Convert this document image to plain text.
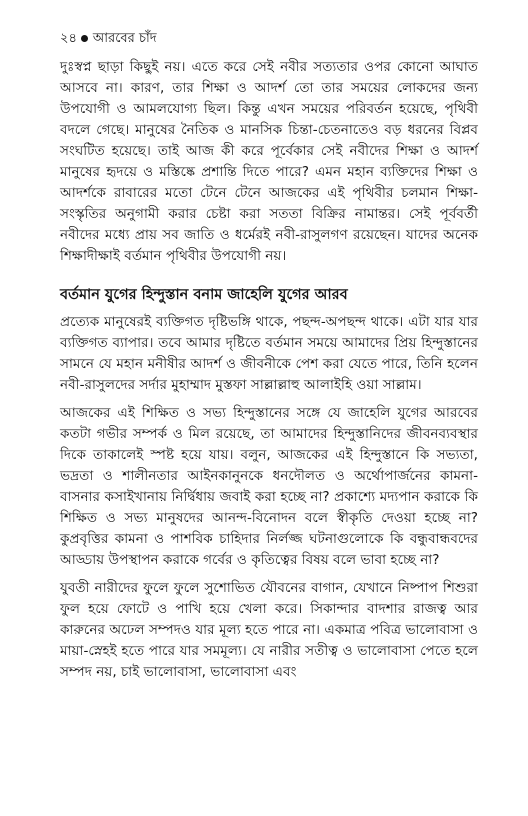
২৪ আরবের চাঁদ

দুঃস্বপ্ন ছাড়া কিছুই নয়। এতে করে সেই নবীর সত্যতার ওপর কোনো আঘাত আসবে না। কারণ, তার শিক্ষা ও আদর্শ তো তার সময়ের লোকদের জন্য উপযোগী ও আমলযোগ্য ছিল। কিন্তু এখন সময়ের পরিবর্তন হয়েছে, পৃথিবী বদলে গেছে। মানুষের নৈতিক ও মানসিক চিন্তা-চেতনাতেও বড় ধরনের বিপ্লব সংঘটিত হয়েছে। তাই আজ কী করে পূর্বেকার সেই নবীদের শিক্ষা ও আদর্শ মানুষের হৃদয়ে ও মস্তিষ্কে প্রশান্তি দিতে পারে? এমন মহান ব্যক্তিদের শিক্ষা ও আদর্শকে রাবারের মতো টেনে টেনে আজকের এই পৃথিবীর চলমান শিক্ষা-সংস্কৃতির অনুগামী করার চেষ্টা করা সততা বিক্রির নামান্তর। সেই পূর্ববর্তী নবীদের মধ্যে প্রায় সব জাতি ও ধর্মেরই নবী-রাসুলগণ রয়েছেন। যাদের অনেক শিক্ষাদীক্ষাই বর্তমান পৃথিবীর উপযোগী নয়।

বর্তমান যুগের হিন্দুস্তান বনাম জাহেলি যুগের আরব

প্রত্যেক মানুষেরই ব্যক্তিগত দৃষ্টিভঙ্গি থাকে, পছন্দ-অপছন্দ থাকে। এটা যার যার ব্যক্তিগত ব্যাপার। তবে আমার দৃষ্টিতে বর্তমান সময়ে আমাদের প্রিয় হিন্দুস্তানের সামনে যে মহান মনীষীর আদর্শ ও জীবনীকে পেশ করা যেতে পারে, তিনি হলেন নবী-রাসুলদের সর্দার মুহাম্মাদ মুস্তফা সাল্লাল্লাহু আলাইহি ওয়া সাল্লাম।

আজকের এই শিক্ষিত ও সভ্য হিন্দুস্তানের সঙ্গে যে জাহেলি যুগের আরবের কতটা গভীর সম্পর্ক ও মিল রয়েছে, তা আমাদের হিন্দুস্তানিদের জীবনব্যবস্থার দিকে তাকালেই স্পষ্ট হয়ে যায়। বলুন, আজকের এই হিন্দুস্তানে কি সভ্যতা, ভদ্রতা ও শালীনতার আইনকানুনকে ধনদৌলত ও অর্থোপার্জনের কামনা-বাসনার কসাইখানায় নির্দ্বিধায় জবাই করা হচ্ছে না? প্রকাশ্যে মদ্যপান করাকে কি শিক্ষিত ও সভ্য মানুষদের আনন্দ-বিনোদন বলে স্বীকৃতি দেওয়া হচ্ছে না? কুপ্রবৃত্তির কামনা ও পাশবিক চাহিদার নির্লজ্জ ঘটনাগুলোকে কি বন্ধুবান্ধবদের আড্ডায় উপস্থাপন করাকে গর্বের ও কৃতিত্বের বিষয় বলে ভাবা হচ্ছে না?

যুবতী নারীদের ফুলে ফুলে সুশোভিত যৌবনের বাগান, যেখানে নিষ্পাপ শিশুরা ফুল হয়ে ফোটে ও পাখি হয়ে খেলা করে। সিকান্দার বাদশার রাজত্ব আর কারুনের অঢেল সম্পদও যার মূল্য হতে পারে না। একমাত্র পবিত্র ভালোবাসা ও মায়া-স্নেহই হতে পারে যার সমমূল্য। যে নারীর সতীত্ব ও ভালোবাসা পেতে হলে সম্পদ নয়, চাই ভালোবাসা, ভালোবাসা এবং
